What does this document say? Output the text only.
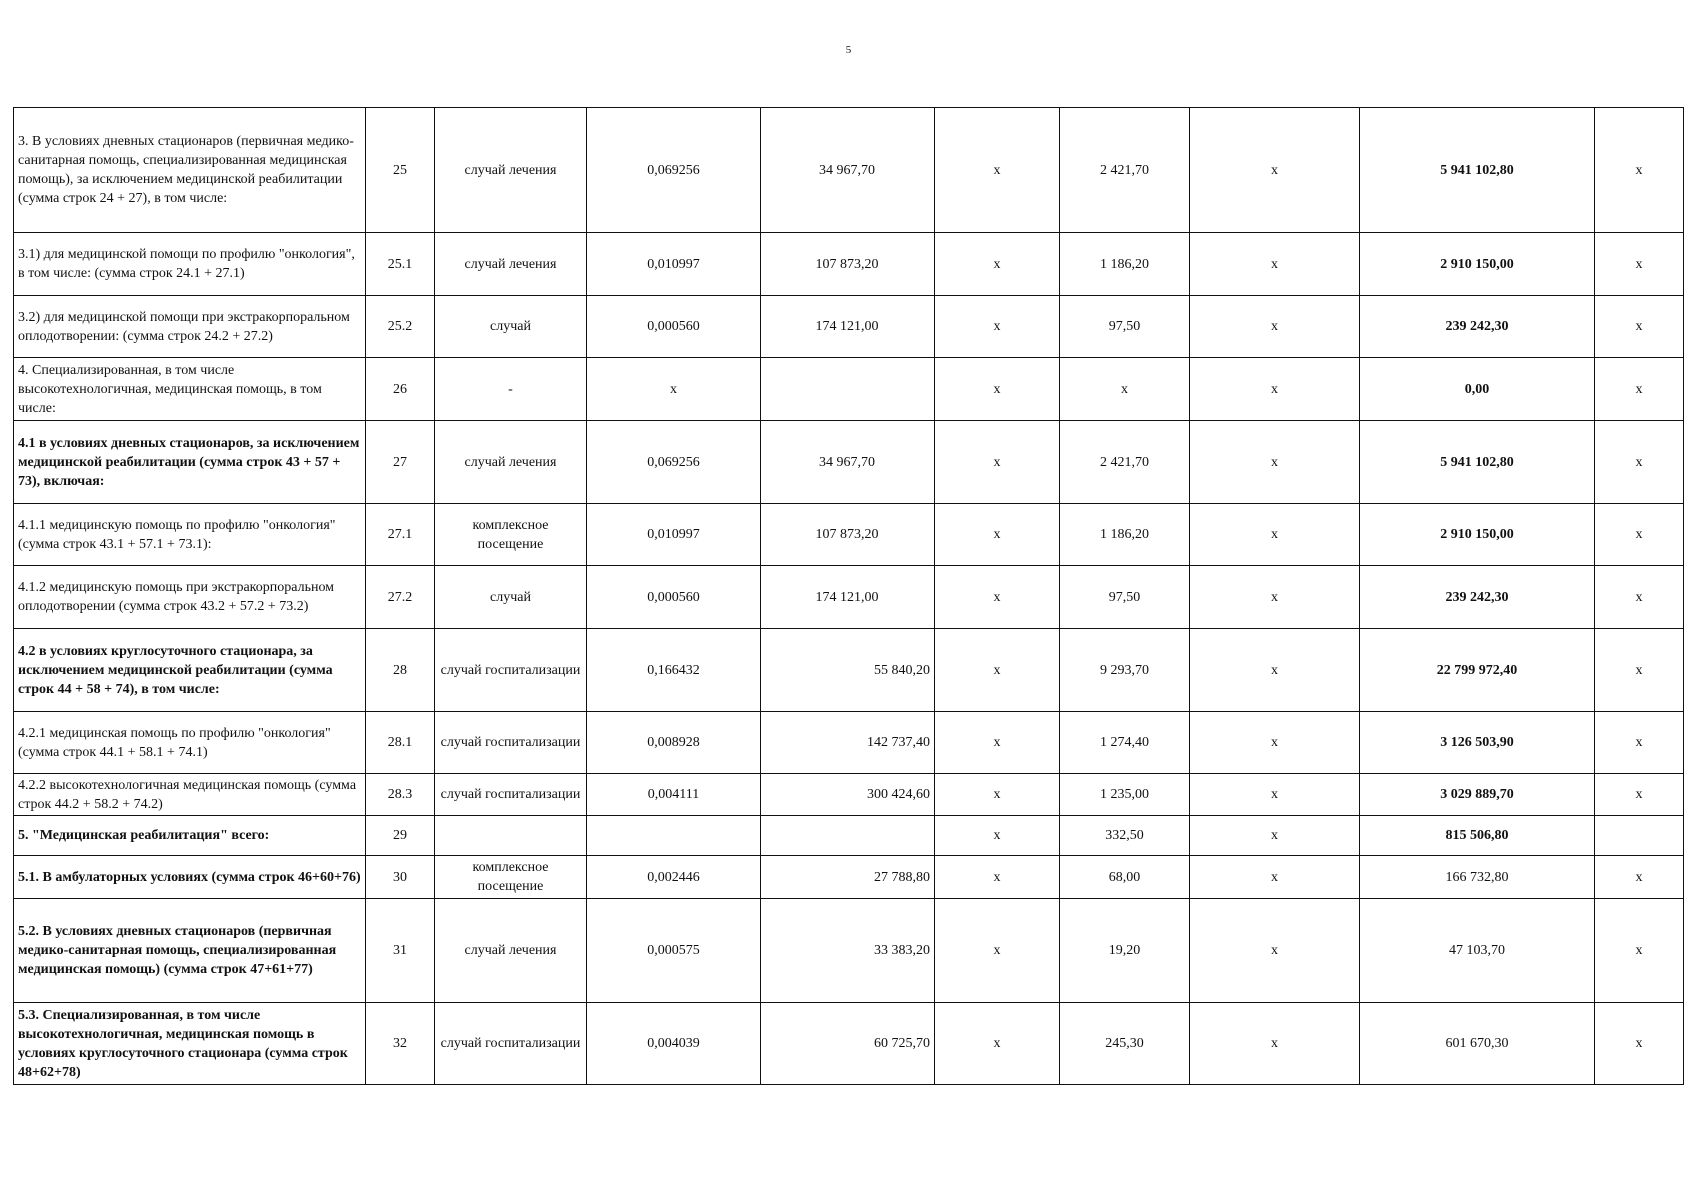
5
3. В условиях дневных стационаров (первичная медико-санитарная помощь, специализированная медицинская помощь), за исключением медицинской реабилитации (сумма строк 24 + 27), в том числе:	25	случай лечения	0,069256	34 967,70	х	2 421,70	х	5 941 102,80	х
3.1) для медицинской помощи по профилю "онкология", в том числе: (сумма строк 24.1 + 27.1)	25.1	случай лечения	0,010997	107 873,20	х	1 186,20	х	2 910 150,00	х
3.2) для медицинской помощи при экстракорпоральном оплодотворении: (сумма строк 24.2 + 27.2)	25.2	случай	0,000560	174 121,00	х	97,50	х	239 242,30	х
4. Специализированная, в том числе высокотехнологичная, медицинская помощь, в том числе:	26	-	х		х	х	х	0,00	х
4.1 в условиях дневных стационаров, за исключением медицинской реабилитации (сумма строк 43 + 57 + 73), включая:	27	случай лечения	0,069256	34 967,70	х	2 421,70	х	5 941 102,80	х
4.1.1 медицинскую помощь по профилю "онкология" (сумма строк 43.1 + 57.1 + 73.1):	27.1	комплексное посещение	0,010997	107 873,20	х	1 186,20	х	2 910 150,00	х
4.1.2 медицинскую помощь при экстракорпоральном оплодотворении (сумма строк 43.2 + 57.2 + 73.2)	27.2	случай	0,000560	174 121,00	х	97,50	х	239 242,30	х
4.2 в условиях круглосуточного стационара, за исключением медицинской реабилитации (сумма строк 44 + 58 + 74), в том числе:	28	случай госпитализации	0,166432	55 840,20	х	9 293,70	х	22 799 972,40	х
4.2.1 медицинская помощь по профилю "онкология" (сумма строк 44.1 + 58.1 + 74.1)	28.1	случай госпитализации	0,008928	142 737,40	х	1 274,40	х	3 126 503,90	х
4.2.2 высокотехнологичная медицинская помощь (сумма строк 44.2 + 58.2 + 74.2)	28.3	случай госпитализации	0,004111	300 424,60	х	1 235,00	х	3 029 889,70	х
5. "Медицинская реабилитация" всего:	29				х	332,50	х	815 506,80	
5.1. В амбулаторных условиях (сумма строк 46+60+76)	30	комплексное посещение	0,002446	27 788,80	х	68,00	х	166 732,80	х
5.2. В условиях дневных стационаров (первичная медико-санитарная помощь, специализированная медицинская помощь) (сумма строк 47+61+77)	31	случай лечения	0,000575	33 383,20	х	19,20	х	47 103,70	х
5.3. Специализированная, в том числе высокотехнологичная, медицинская помощь в условиях круглосуточного стационара (сумма строк 48+62+78)	32	случай госпитализации	0,004039	60 725,70	х	245,30	х	601 670,30	х
